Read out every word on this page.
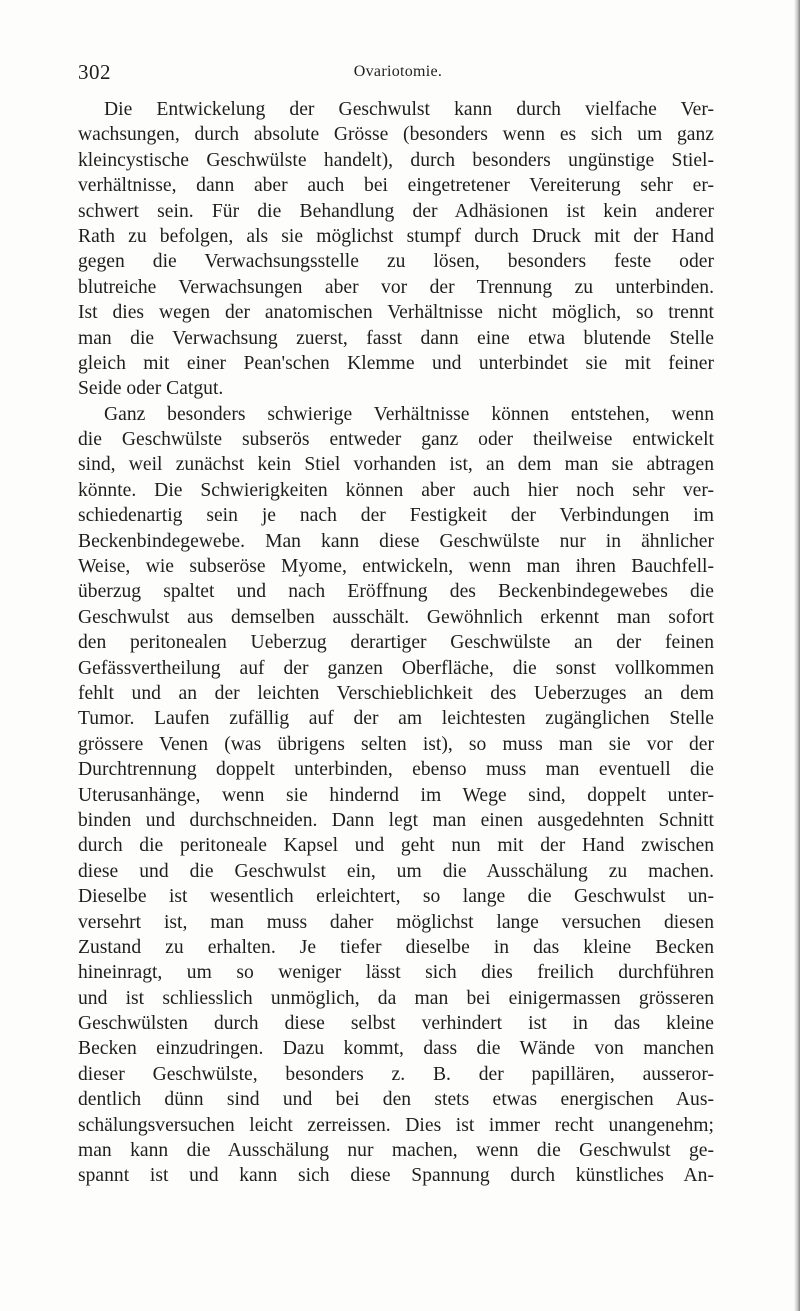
302	Ovariotomie.
Die Entwickelung der Geschwulst kann durch vielfache Ver-
wachsungen, durch absolute Grösse (besonders wenn es sich um ganz
kleincystische Geschwülste handelt), durch besonders ungünstige Stiel-
verhältnisse, dann aber auch bei eingetretener Vereiterung sehr er-
schwert sein. Für die Behandlung der Adhäsionen ist kein anderer
Rath zu befolgen, als sie möglichst stumpf durch Druck mit der Hand
gegen die Verwachsungsstelle zu lösen, besonders feste oder
blutreiche Verwachsungen aber vor der Trennung zu unterbinden.
Ist dies wegen der anatomischen Verhältnisse nicht möglich, so trennt
man die Verwachsung zuerst, fasst dann eine etwa blutende Stelle
gleich mit einer Pean'schen Klemme und unterbindet sie mit feiner
Seide oder Catgut.
Ganz besonders schwierige Verhältnisse können entstehen, wenn
die Geschwülste subserös entweder ganz oder theilweise entwickelt
sind, weil zunächst kein Stiel vorhanden ist, an dem man sie abtragen
könnte. Die Schwierigkeiten können aber auch hier noch sehr ver-
schiedenartig sein je nach der Festigkeit der Verbindungen im
Beckenbindegewebe. Man kann diese Geschwülste nur in ähnlicher
Weise, wie subseröse Myome, entwickeln, wenn man ihren Bauchfell-
überzug spaltet und nach Eröffnung des Beckenbindegewebes die
Geschwulst aus demselben ausschält. Gewöhnlich erkennt man sofort
den peritonealen Ueberzug derartiger Geschwülste an der feinen
Gefässvertheilung auf der ganzen Oberfläche, die sonst vollkommen
fehlt und an der leichten Verschieblichkeit des Ueberzuges an dem
Tumor. Laufen zufällig auf der am leichtesten zugänglichen Stelle
grössere Venen (was übrigens selten ist), so muss man sie vor der
Durchtrennung doppelt unterbinden, ebenso muss man eventuell die
Uterusanhänge, wenn sie hindernd im Wege sind, doppelt unter-
binden und durchschneiden. Dann legt man einen ausgedehnten Schnitt
durch die peritoneale Kapsel und geht nun mit der Hand zwischen
diese und die Geschwulst ein, um die Ausschälung zu machen.
Dieselbe ist wesentlich erleichtert, so lange die Geschwulst un-
versehrt ist, man muss daher möglichst lange versuchen diesen
Zustand zu erhalten. Je tiefer dieselbe in das kleine Becken
hineinragt, um so weniger lässt sich dies freilich durchführen
und ist schliesslich unmöglich, da man bei einigermassen grösseren
Geschwülsten durch diese selbst verhindert ist in das kleine
Becken einzudringen. Dazu kommt, dass die Wände von manchen
dieser Geschwülste, besonders z. B. der papillären, ausseror-
dentlich dünn sind und bei den stets etwas energischen Aus-
schälungsversuchen leicht zerreissen. Dies ist immer recht unangenehm;
man kann die Ausschälung nur machen, wenn die Geschwulst ge-
spannt ist und kann sich diese Spannung durch künstliches An-
